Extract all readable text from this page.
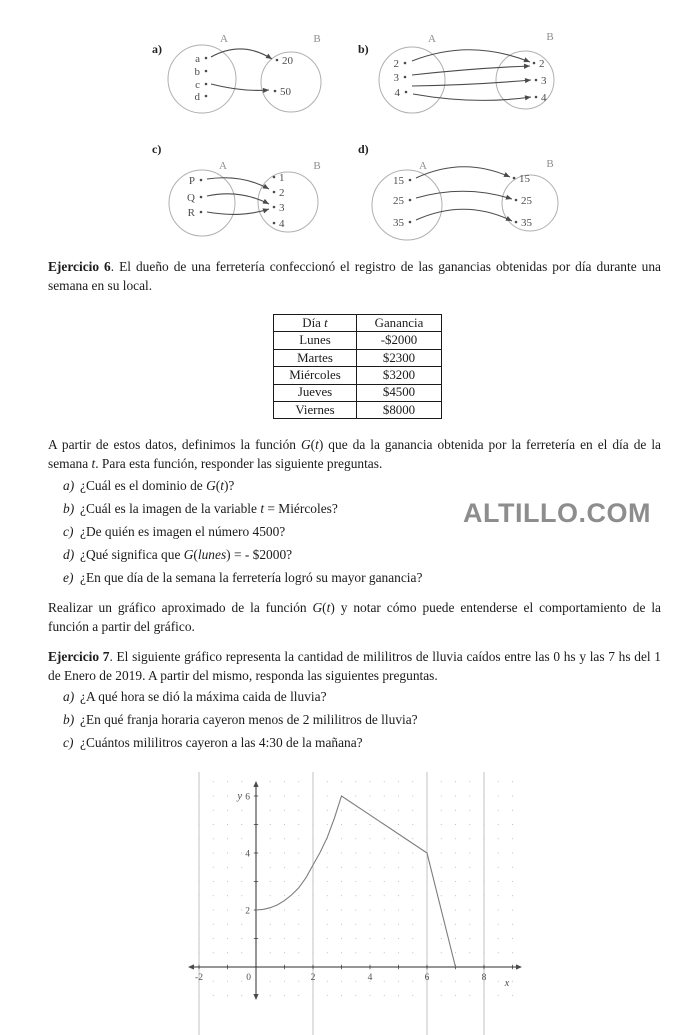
a)
A	B
a
b
c
d
20
50
b)
A	B
2
3
4
2
3
4
c)
A	B
P
Q
R
1
2
3
4
d)
A	B
15
25
35
15
25
35
Ejercicio 6. El dueño de una ferretería confeccionó el registro de las ganancias obtenidas por día durante una semana en su local.
Día t	Ganancia
Lunes	-$2000
Martes	$2300
Miércoles	$3200
Jueves	$4500
Viernes	$8000
A partir de estos datos, definimos la función G(t) que da la ganancia obtenida por la ferretería en el día de la semana t. Para esta función, responder las siguiente preguntas.
a) ¿Cuál es el dominio de G(t)?
b) ¿Cuál es la imagen de la variable t = Miércoles?
c) ¿De quién es imagen el número 4500?
d) ¿Qué significa que G(lunes) = - $2000?
e) ¿En que día de la semana la ferretería logró su mayor ganancia?
Realizar un gráfico aproximado de la función G(t) y notar cómo puede entenderse el comportamiento de la función a partir del gráfico.
Ejercicio 7. El siguiente gráfico representa la cantidad de mililitros de lluvia caídos entre las 0 hs y las 7 hs del 1 de Enero de 2019. A partir del mismo, responda las siguientes preguntas.
a) ¿A qué hora se dió la máxima caida de lluvia?
b) ¿En qué franja horaria cayeron menos de 2 mililitros de lluvia?
c) ¿Cuántos mililitros cayeron a las 4:30 de la mañana?
ALTILLO.COM
-2	0	2	4	6	8
2
4
6
y
x
